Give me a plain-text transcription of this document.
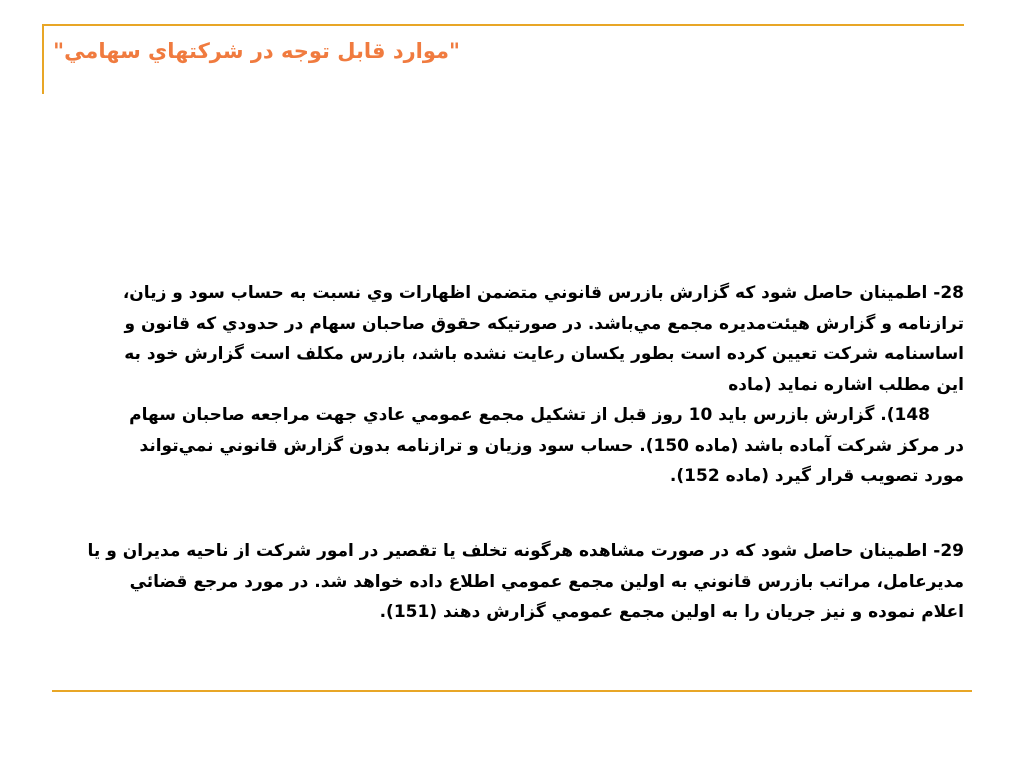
"موارد قابل توجه در شركتهاي سهامي"
28- اطمينان حاصل شود كه گزارش بازرس قانوني متضمن اظهارات وي نسبت به حساب سود و زيان،
ترازنامه و گزارش هيئت‌مديره مجمع مي‌باشد. در صورتيكه حقوق صاحبان سهام در حدودي كه قانون و
اساسنامه شركت تعيين كرده است بطور يكسان رعايت نشده باشد، بازرس مكلف است گزارش خود به
اين مطلب اشاره نمايد (ماده
148). گزارش بازرس بايد 10 روز قبل از تشكيل مجمع عمومي عادي جهت مراجعه صاحبان سهام
در مركز شركت آماده باشد (ماده 150). حساب سود وزيان و ترازنامه بدون گزارش قانوني نمي‌تواند
مورد تصويب قرار گيرد (ماده 152).
29- اطمينان حاصل شود كه در صورت مشاهده هرگونه تخلف يا تقصير در امور شركت از ناحيه مديران و يا
مديرعامل، مراتب بازرس قانوني به اولين مجمع عمومي اطلاع داده خواهد شد. در مورد مرجع قضائي
اعلام نموده و نيز جريان را به اولين مجمع عمومي گزارش دهند (151).
